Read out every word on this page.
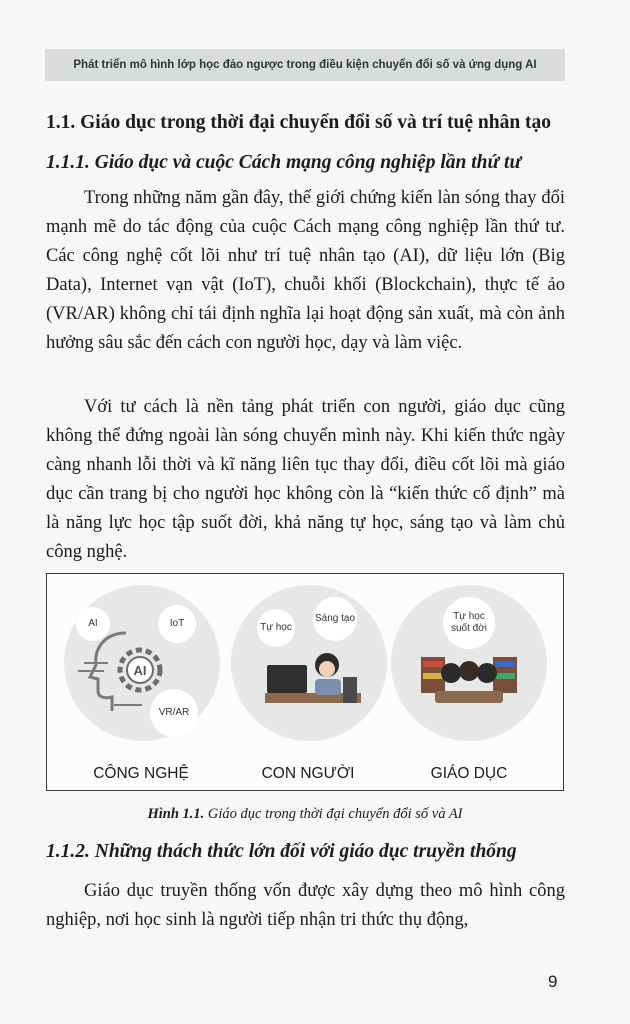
Phát triển mô hình lớp học đảo ngược trong điều kiện chuyển đổi số và ứng dụng AI
1.1. Giáo dục trong thời đại chuyển đổi số và trí tuệ nhân tạo
1.1.1. Giáo dục và cuộc Cách mạng công nghiệp lần thứ tư

Trong những năm gần đây, thế giới chứng kiến làn sóng thay đổi mạnh mẽ do tác động của cuộc Cách mạng công nghiệp lần thứ tư. Các công nghệ cốt lõi như trí tuệ nhân tạo (AI), dữ liệu lớn (Big Data), Internet vạn vật (IoT), chuỗi khối (Blockchain), thực tế ảo (VR/AR) không chỉ tái định nghĩa lại hoạt động sản xuất, mà còn ảnh hưởng sâu sắc đến cách con người học, dạy và làm việc.

Với tư cách là nền tảng phát triển con người, giáo dục cũng không thể đứng ngoài làn sóng chuyển mình này. Khi kiến thức ngày càng nhanh lỗi thời và kĩ năng liên tục thay đổi, điều cốt lõi mà giáo dục cần trang bị cho người học không còn là “kiến thức cố định” mà là năng lực học tập suốt đời, khả năng tự học, sáng tạo và làm chủ công nghệ.

AI	IoT
VR/AR
AI
CÔNG NGHỆ
Tự học
Sáng tạo
CON NGƯỜI
Tự học suốt đời
GIÁO DỤC
Hình 1.1. Giáo dục trong thời đại chuyển đổi số và AI
1.1.2. Những thách thức lớn đối với giáo dục truyền thống

Giáo dục truyền thống vốn được xây dựng theo mô hình công nghiệp, nơi học sinh là người tiếp nhận tri thức thụ động,

9
